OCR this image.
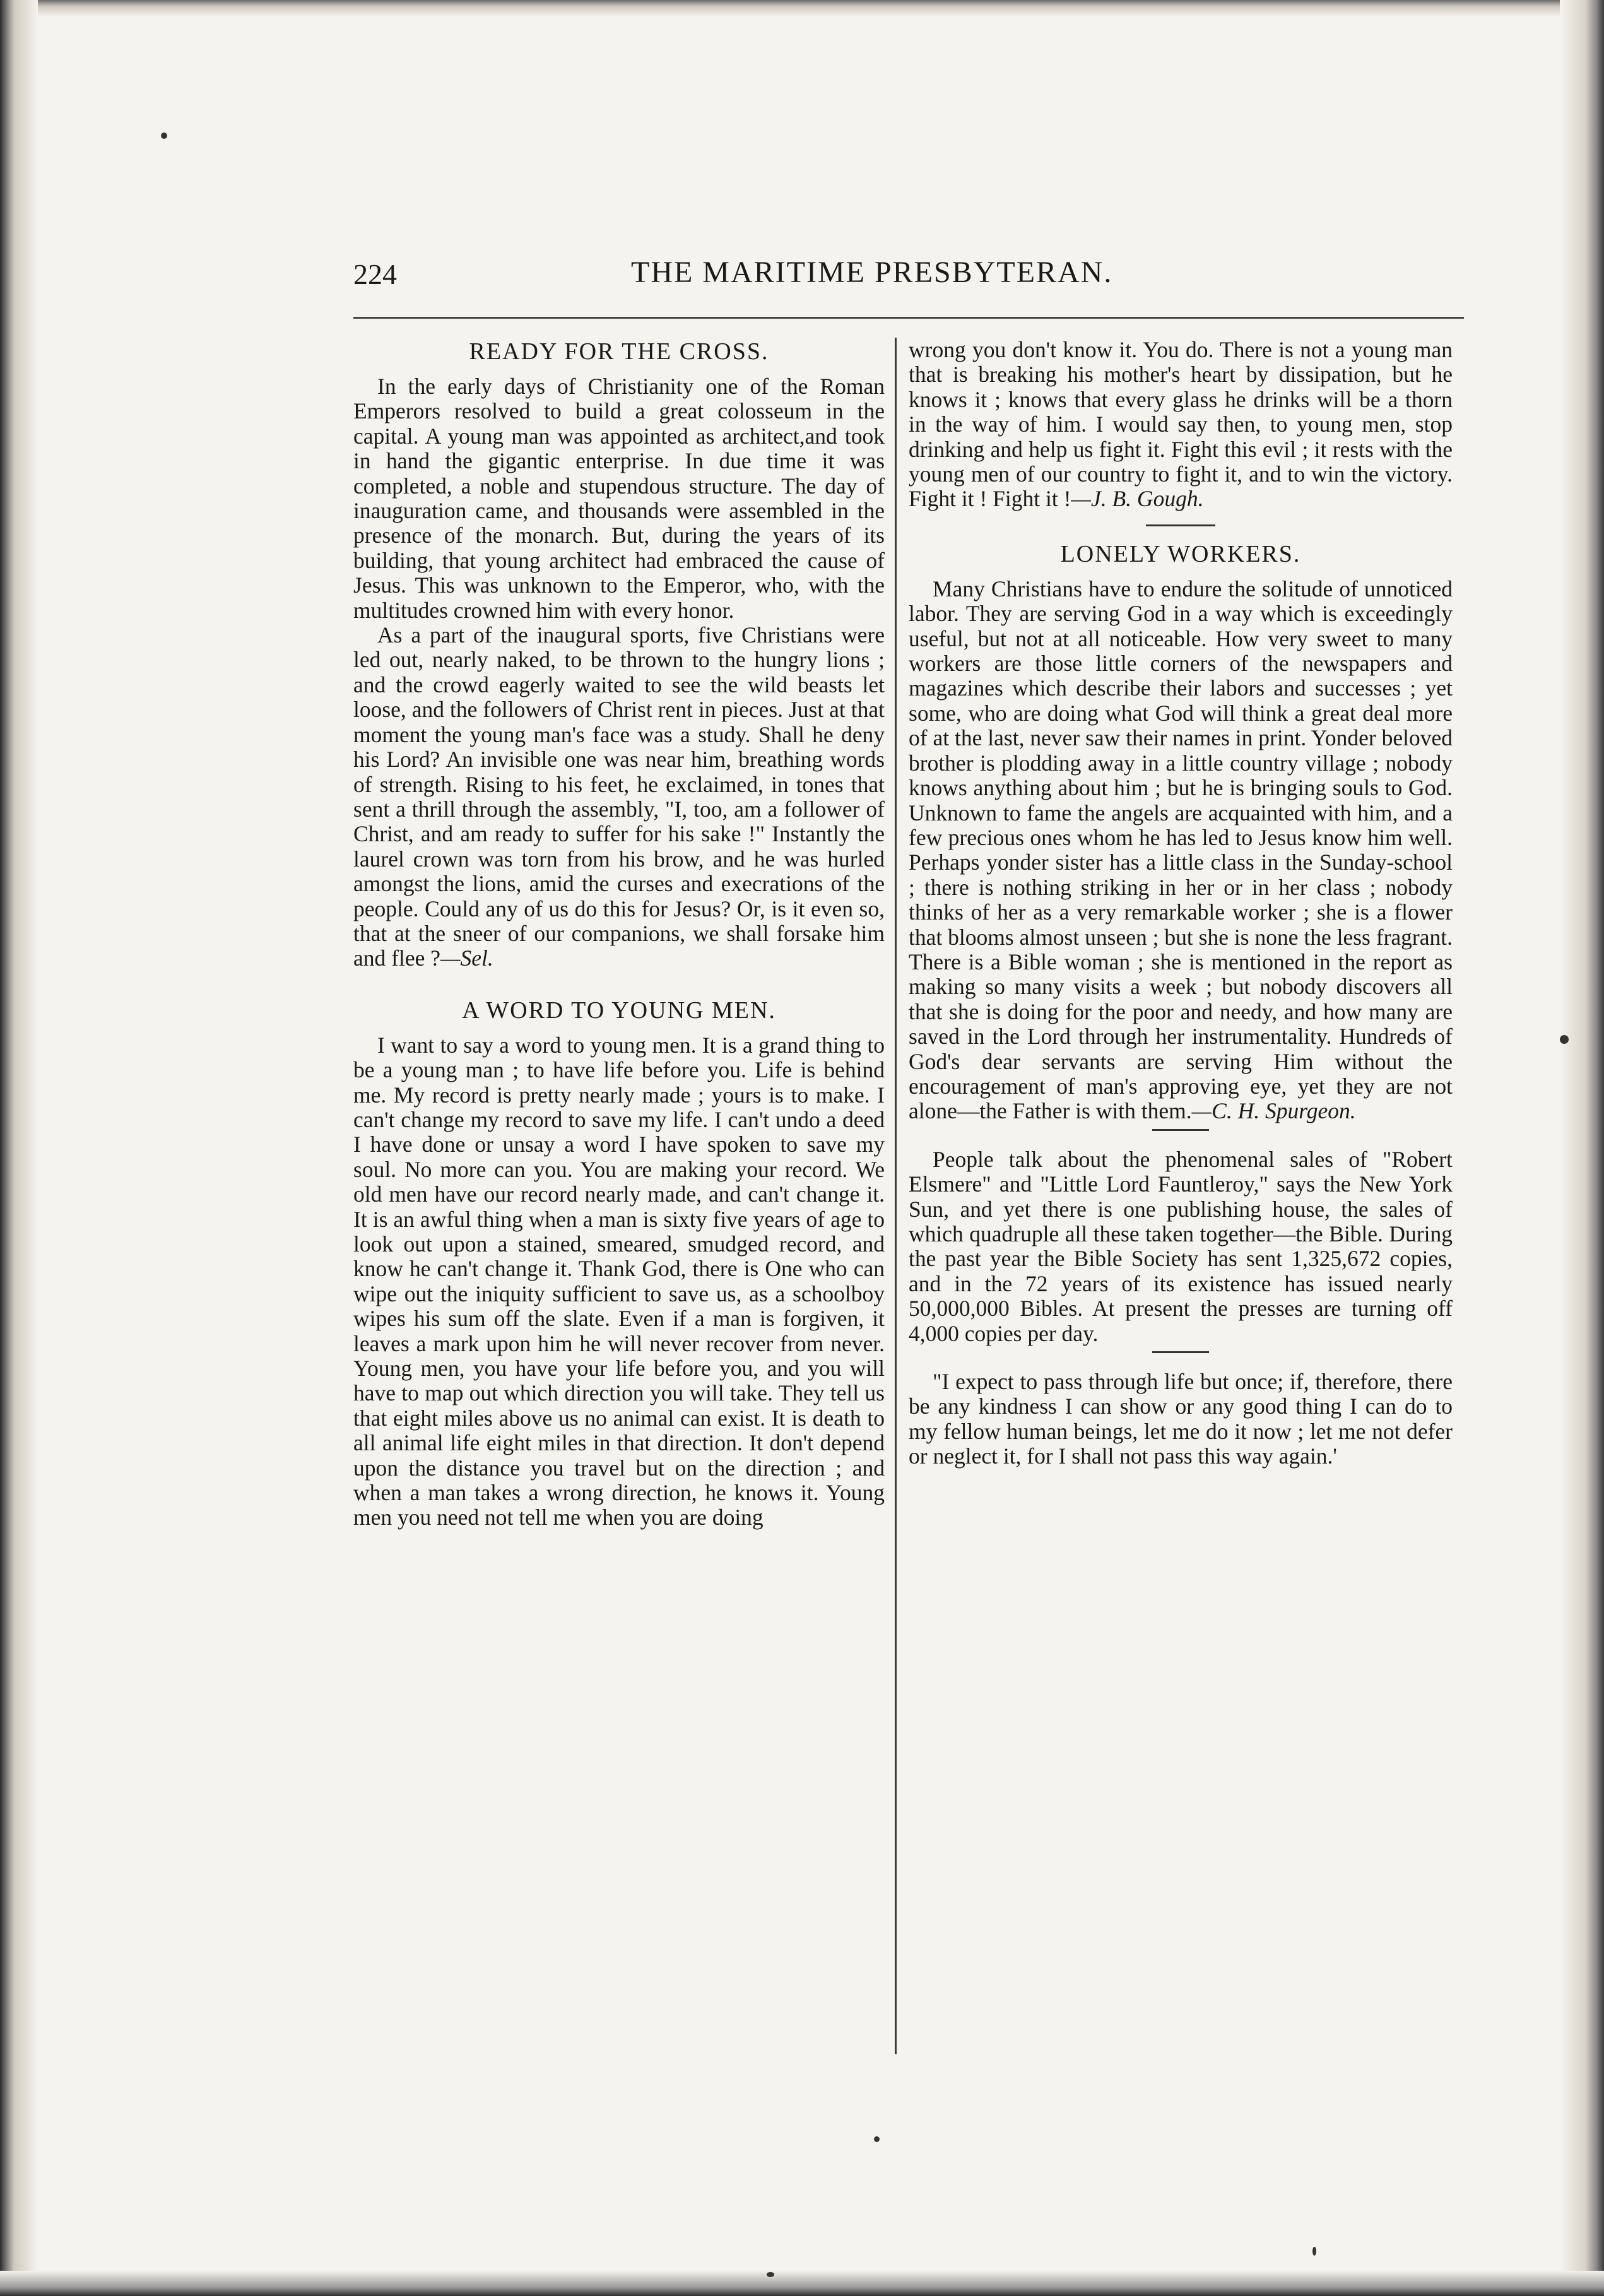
224	THE MARITIME PRESBYTERAN.
READY FOR THE CROSS.

In the early days of Christianity one of the Roman Emperors resolved to build a great colosseum in the capital. A young man was appointed as architect,and took in hand the gigantic enterprise. In due time it was completed, a noble and stupendous structure. The day of inauguration came, and thousands were assembled in the presence of the monarch. But, during the years of its building, that young architect had embraced the cause of Jesus. This was unknown to the Emperor, who, with the multitudes crowned him with every honor.

As a part of the inaugural sports, five Christians were led out, nearly naked, to be thrown to the hungry lions ; and the crowd eagerly waited to see the wild beasts let loose, and the followers of Christ rent in pieces. Just at that moment the young man's face was a study. Shall he deny his Lord? An invisible one was near him, breathing words of strength. Rising to his feet, he exclaimed, in tones that sent a thrill through the assembly, "I, too, am a follower of Christ, and am ready to suffer for his sake !" Instantly the laurel crown was torn from his brow, and he was hurled amongst the lions, amid the curses and execrations of the people. Could any of us do this for Jesus? Or, is it even so, that at the sneer of our companions, we shall forsake him and flee ?—Sel.

A WORD TO YOUNG MEN.

I want to say a word to young men. It is a grand thing to be a young man ; to have life before you. Life is behind me. My record is pretty nearly made ; yours is to make. I can't change my record to save my life. I can't undo a deed I have done or unsay a word I have spoken to save my soul. No more can you. You are making your record. We old men have our record nearly made, and can't change it. It is an awful thing when a man is sixty five years of age to look out upon a stained, smeared, smudged record, and know he can't change it. Thank God, there is One who can wipe out the iniquity sufficient to save us, as a schoolboy wipes his sum off the slate. Even if a man is forgiven, it leaves a mark upon him he will never recover from never. Young men, you have your life before you, and you will have to map out which direction you will take. They tell us that eight miles above us no animal can exist. It is death to all animal life eight miles in that direction. It don't depend upon the distance you travel but on the direction ; and when a man takes a wrong direction, he knows it. Young men you need not tell me when you are doing

wrong you don't know it. You do. There is not a young man that is breaking his mother's heart by dissipation, but he knows it ; knows that every glass he drinks will be a thorn in the way of him. I would say then, to young men, stop drinking and help us fight it. Fight this evil ; it rests with the young men of our country to fight it, and to win the victory. Fight it ! Fight it !—J. B. Gough.

LONELY WORKERS.

Many Christians have to endure the solitude of unnoticed labor. They are serving God in a way which is exceedingly useful, but not at all noticeable. How very sweet to many workers are those little corners of the newspapers and magazines which describe their labors and successes ; yet some, who are doing what God will think a great deal more of at the last, never saw their names in print. Yonder beloved brother is plodding away in a little country village ; nobody knows anything about him ; but he is bringing souls to God. Unknown to fame the angels are acquainted with him, and a few precious ones whom he has led to Jesus know him well. Perhaps yonder sister has a little class in the Sunday-school ; there is nothing striking in her or in her class ; nobody thinks of her as a very remarkable worker ; she is a flower that blooms almost unseen ; but she is none the less fragrant. There is a Bible woman ; she is mentioned in the report as making so many visits a week ; but nobody discovers all that she is doing for the poor and needy, and how many are saved in the Lord through her instrumentality. Hundreds of God's dear servants are serving Him without the encouragement of man's approving eye, yet they are not alone—the Father is with them.—C. H. Spurgeon.

People talk about the phenomenal sales of "Robert Elsmere" and "Little Lord Fauntleroy," says the New York Sun, and yet there is one publishing house, the sales of which quadruple all these taken together—the Bible. During the past year the Bible Society has sent 1,325,672 copies, and in the 72 years of its existence has issued nearly 50,000,000 Bibles. At present the presses are turning off 4,000 copies per day.

"I expect to pass through life but once; if, therefore, there be any kindness I can show or any good thing I can do to my fellow human beings, let me do it now ; let me not defer or neglect it, for I shall not pass this way again.'
